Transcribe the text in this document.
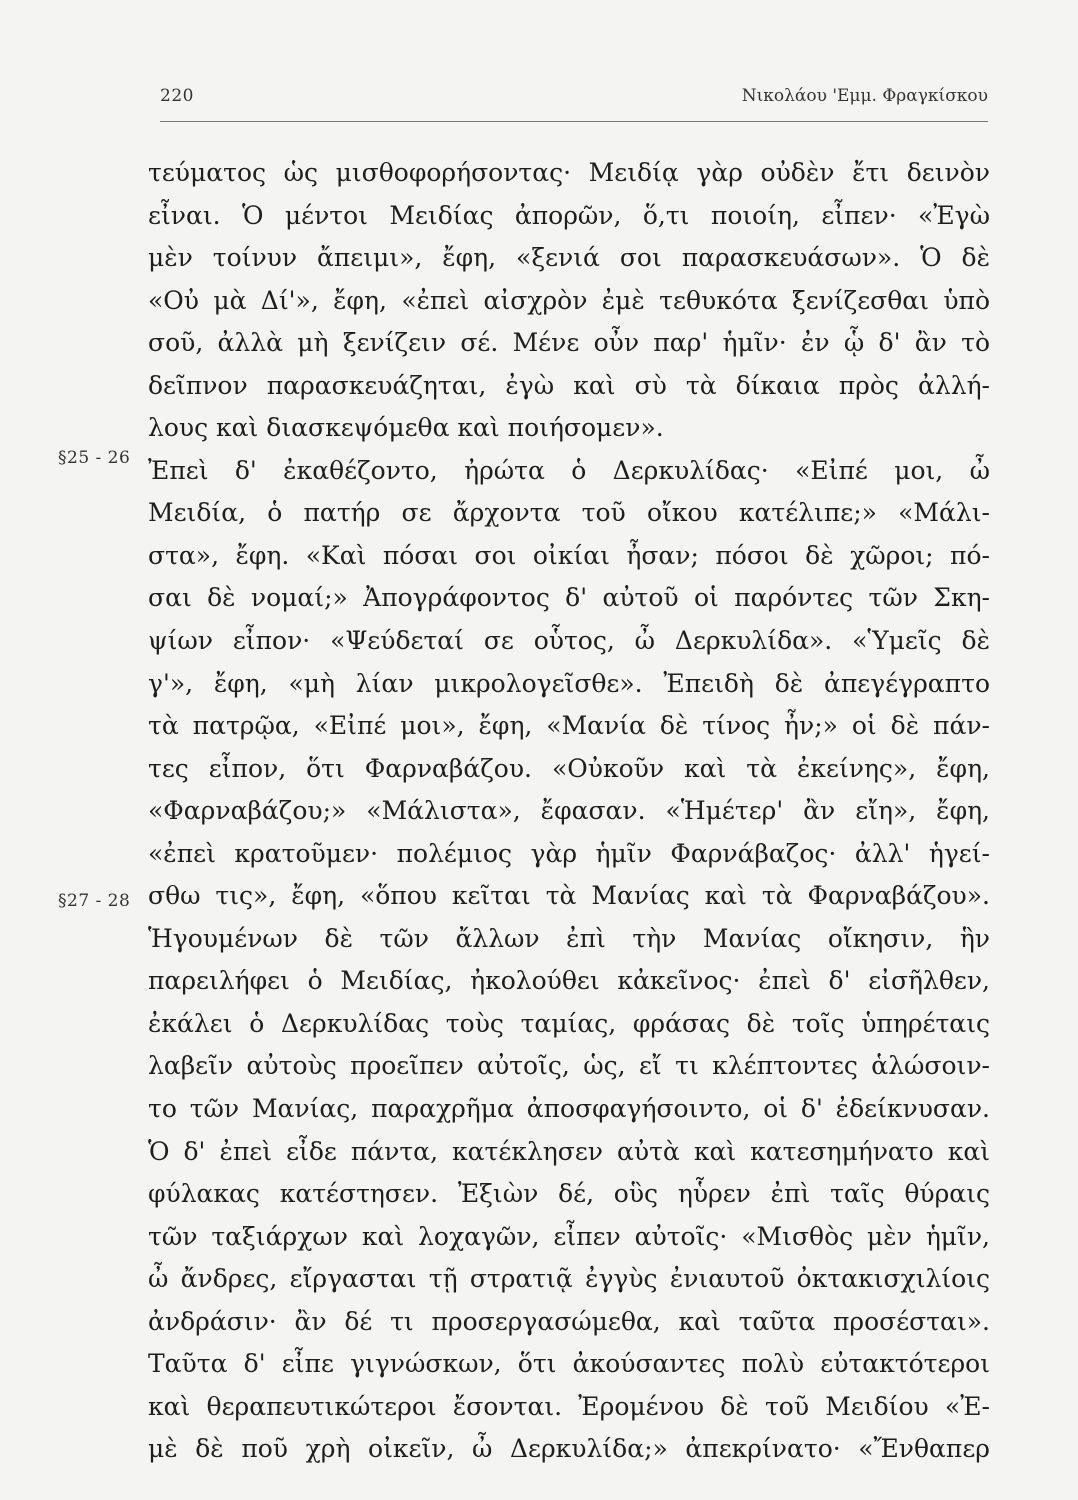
220	Νικολάου 'Εμμ. Φραγκίσκου
§25 - 26
§27 - 28
τεύματος ὡς μισθοφορήσοντας· Μειδίᾳ γὰρ οὐδὲν ἔτι δεινὸν
εἶναι. Ὁ μέντοι Μειδίας ἀπορῶν, ὅ,τι ποιοίη, εἶπεν· «Ἐγὼ
μὲν τοίνυν ἄπειμι», ἔφη, «ξενιά σοι παρασκευάσων». Ὁ δὲ
«Οὐ μὰ Δί'», ἔφη, «ἐπεὶ αἰσχρὸν ἐμὲ τεθυκότα ξενίζεσθαι ὑπὸ
σοῦ, ἀλλὰ μὴ ξενίζειν σέ. Μένε οὖν παρ' ἡμῖν· ἐν ᾧ δ' ἂν τὸ
δεῖπνον παρασκευάζηται, ἐγὼ καὶ σὺ τὰ δίκαια πρὸς ἀλλή-
λους καὶ διασκεψόμεθα καὶ ποιήσομεν».
Ἐπεὶ δ' ἐκαθέζοντο, ἠρώτα ὁ Δερκυλίδας· «Εἰπέ μοι, ὦ
Μειδία, ὁ πατήρ σε ἄρχοντα τοῦ οἴκου κατέλιπε;» «Μάλι-
στα», ἔφη. «Καὶ πόσαι σοι οἰκίαι ἦσαν; πόσοι δὲ χῶροι; πό-
σαι δὲ νομαί;» Ἀπογράφοντος δ' αὐτοῦ οἱ παρόντες τῶν Σκη-
ψίων εἶπον· «Ψεύδεταί σε οὗτος, ὦ Δερκυλίδα». «Ὑμεῖς δὲ
γ'», ἔφη, «μὴ λίαν μικρολογεῖσθε». Ἐπειδὴ δὲ ἀπεγέγραπτο
τὰ πατρῷα, «Εἰπέ μοι», ἔφη, «Μανία δὲ τίνος ἦν;» οἱ δὲ πάν-
τες εἶπον, ὅτι Φαρναβάζου. «Οὐκοῦν καὶ τὰ ἐκείνης», ἔφη,
«Φαρναβάζου;» «Μάλιστα», ἔφασαν. «Ἡμέτερ' ἂν εἴη», ἔφη,
«ἐπεὶ κρατοῦμεν· πολέμιος γὰρ ἡμῖν Φαρνάβαζος· ἀλλ' ἡγεί-
σθω τις», ἔφη, «ὅπου κεῖται τὰ Μανίας καὶ τὰ Φαρναβάζου».
Ἡγουμένων δὲ τῶν ἄλλων ἐπὶ τὴν Μανίας οἴκησιν, ἣν
παρειλήφει ὁ Μειδίας, ἠκολούθει κἀκεῖνος· ἐπεὶ δ' εἰσῆλθεν,
ἐκάλει ὁ Δερκυλίδας τοὺς ταμίας, φράσας δὲ τοῖς ὑπηρέταις
λαβεῖν αὐτοὺς προεῖπεν αὐτοῖς, ὡς, εἴ τι κλέπτοντες ἁλώσοιν-
το τῶν Μανίας, παραχρῆμα ἀποσφαγήσοιντο, οἱ δ' ἐδείκνυσαν.
Ὁ δ' ἐπεὶ εἶδε πάντα, κατέκλησεν αὐτὰ καὶ κατεσημήνατο καὶ
φύλακας κατέστησεν. Ἐξιὼν δέ, οὓς ηὗρεν ἐπὶ ταῖς θύραις
τῶν ταξιάρχων καὶ λοχαγῶν, εἶπεν αὐτοῖς· «Μισθὸς μὲν ἡμῖν,
ὦ ἄνδρες, εἴργασται τῇ στρατιᾷ ἐγγὺς ἐνιαυτοῦ ὀκτακισχιλίοις
ἀνδράσιν· ἂν δέ τι προσεργασώμεθα, καὶ ταῦτα προσέσται».
Ταῦτα δ' εἶπε γιγνώσκων, ὅτι ἀκούσαντες πολὺ εὐτακτότεροι
καὶ θεραπευτικώτεροι ἔσονται. Ἐρομένου δὲ τοῦ Μειδίου «Ἐ-
μὲ δὲ ποῦ χρὴ οἰκεῖν, ὦ Δερκυλίδα;» ἀπεκρίνατο· «Ἔνθαπερ
